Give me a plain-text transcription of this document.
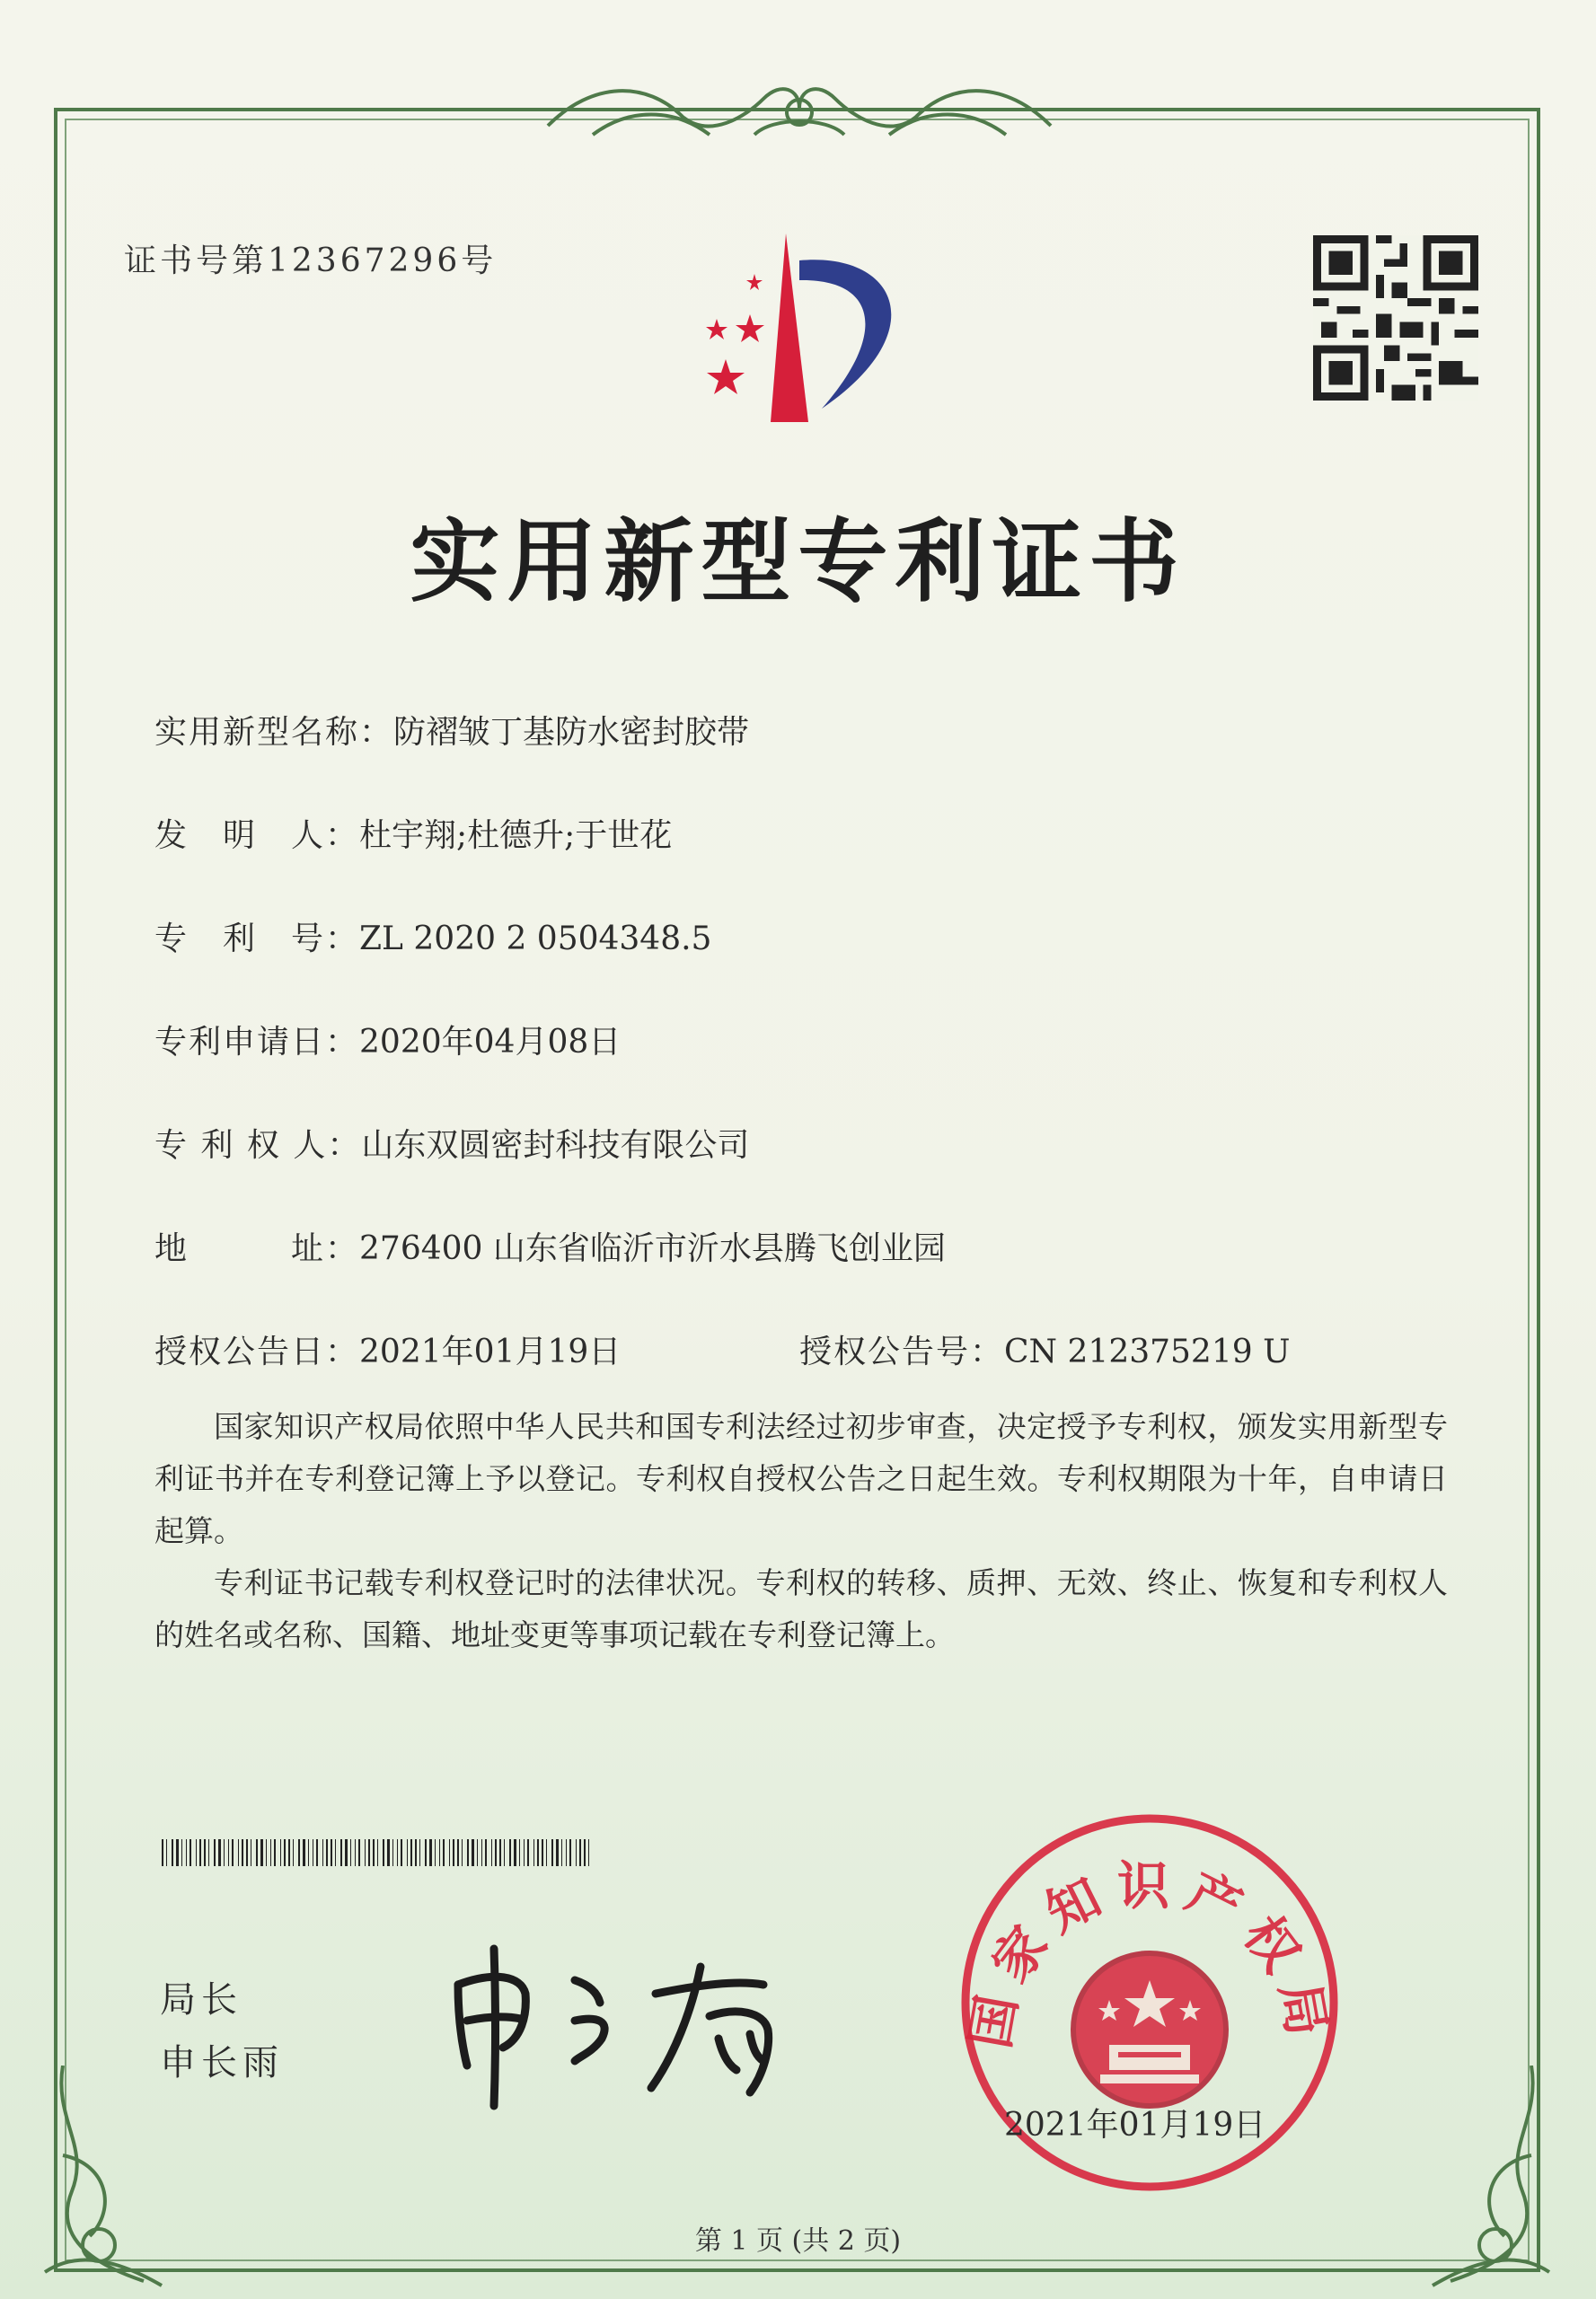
证书号第12367296号
实用新型专利证书
实用新型名称：防褶皱丁基防水密封胶带
发　明　人：杜宇翔;杜德升;于世花
专　利　号：ZL 2020 2 0504348.5
专利申请日：2020年04月08日
专 利 权 人：山东双圆密封科技有限公司
地　　　址：276400 山东省临沂市沂水县腾飞创业园
授权公告日：2021年01月19日	授权公告号：CN 212375219 U
国家知识产权局依照中华人民共和国专利法经过初步审查，决定授予专利权，颁发实用新型专利证书并在专利登记簿上予以登记。专利权自授权公告之日起生效。专利权期限为十年，自申请日起算。
专利证书记载专利权登记时的法律状况。专利权的转移、质押、无效、终止、恢复和专利权人的姓名或名称、国籍、地址变更等事项记载在专利登记簿上。
局长
申长雨
国家知识产权局
2021年01月19日
第 1 页 (共 2 页)
